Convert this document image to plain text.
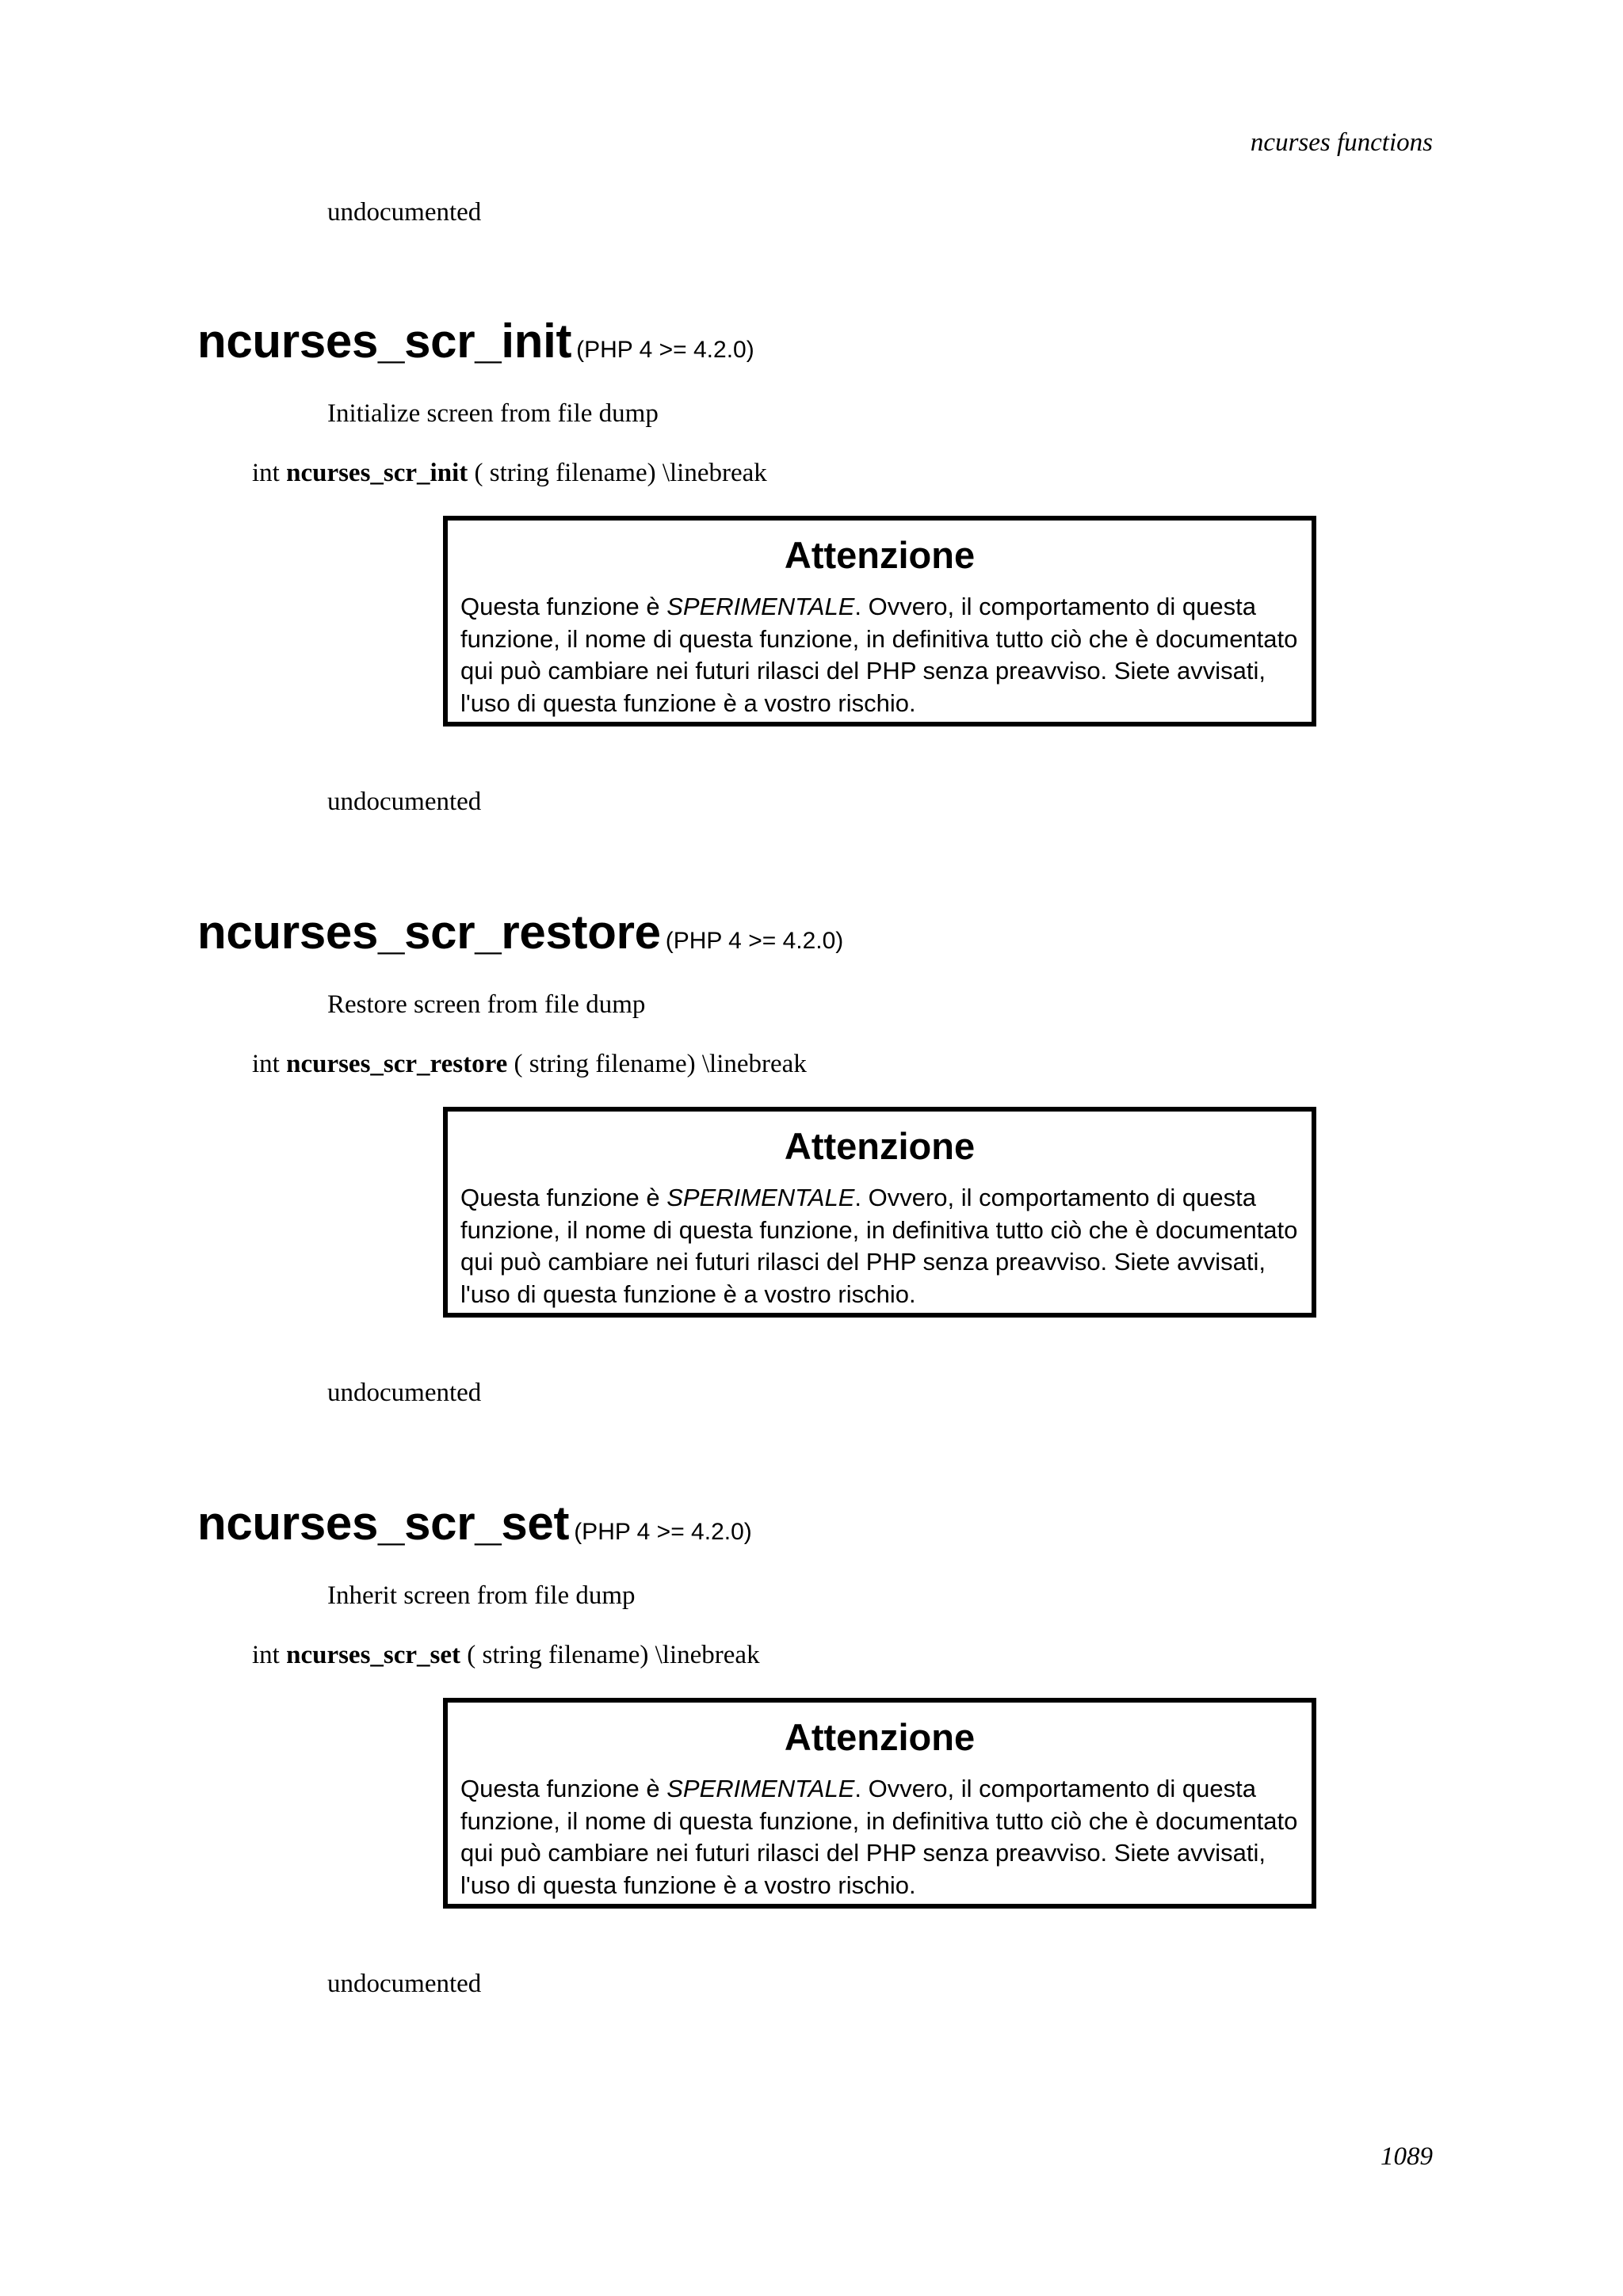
ncurses functions
undocumented
ncurses_scr_init (PHP 4 >= 4.2.0)
Initialize screen from file dump
int ncurses_scr_init ( string filename) \linebreak
Attenzione
Questa funzione è SPERIMENTALE. Ovvero, il comportamento di questa funzione, il nome di questa funzione, in definitiva tutto ciò che è documentato qui può cambiare nei futuri rilasci del PHP senza preavviso. Siete avvisati, l'uso di questa funzione è a vostro rischio.
undocumented
ncurses_scr_restore (PHP 4 >= 4.2.0)
Restore screen from file dump
int ncurses_scr_restore ( string filename) \linebreak
Attenzione
Questa funzione è SPERIMENTALE. Ovvero, il comportamento di questa funzione, il nome di questa funzione, in definitiva tutto ciò che è documentato qui può cambiare nei futuri rilasci del PHP senza preavviso. Siete avvisati, l'uso di questa funzione è a vostro rischio.
undocumented
ncurses_scr_set (PHP 4 >= 4.2.0)
Inherit screen from file dump
int ncurses_scr_set ( string filename) \linebreak
Attenzione
Questa funzione è SPERIMENTALE. Ovvero, il comportamento di questa funzione, il nome di questa funzione, in definitiva tutto ciò che è documentato qui può cambiare nei futuri rilasci del PHP senza preavviso. Siete avvisati, l'uso di questa funzione è a vostro rischio.
undocumented
1089
